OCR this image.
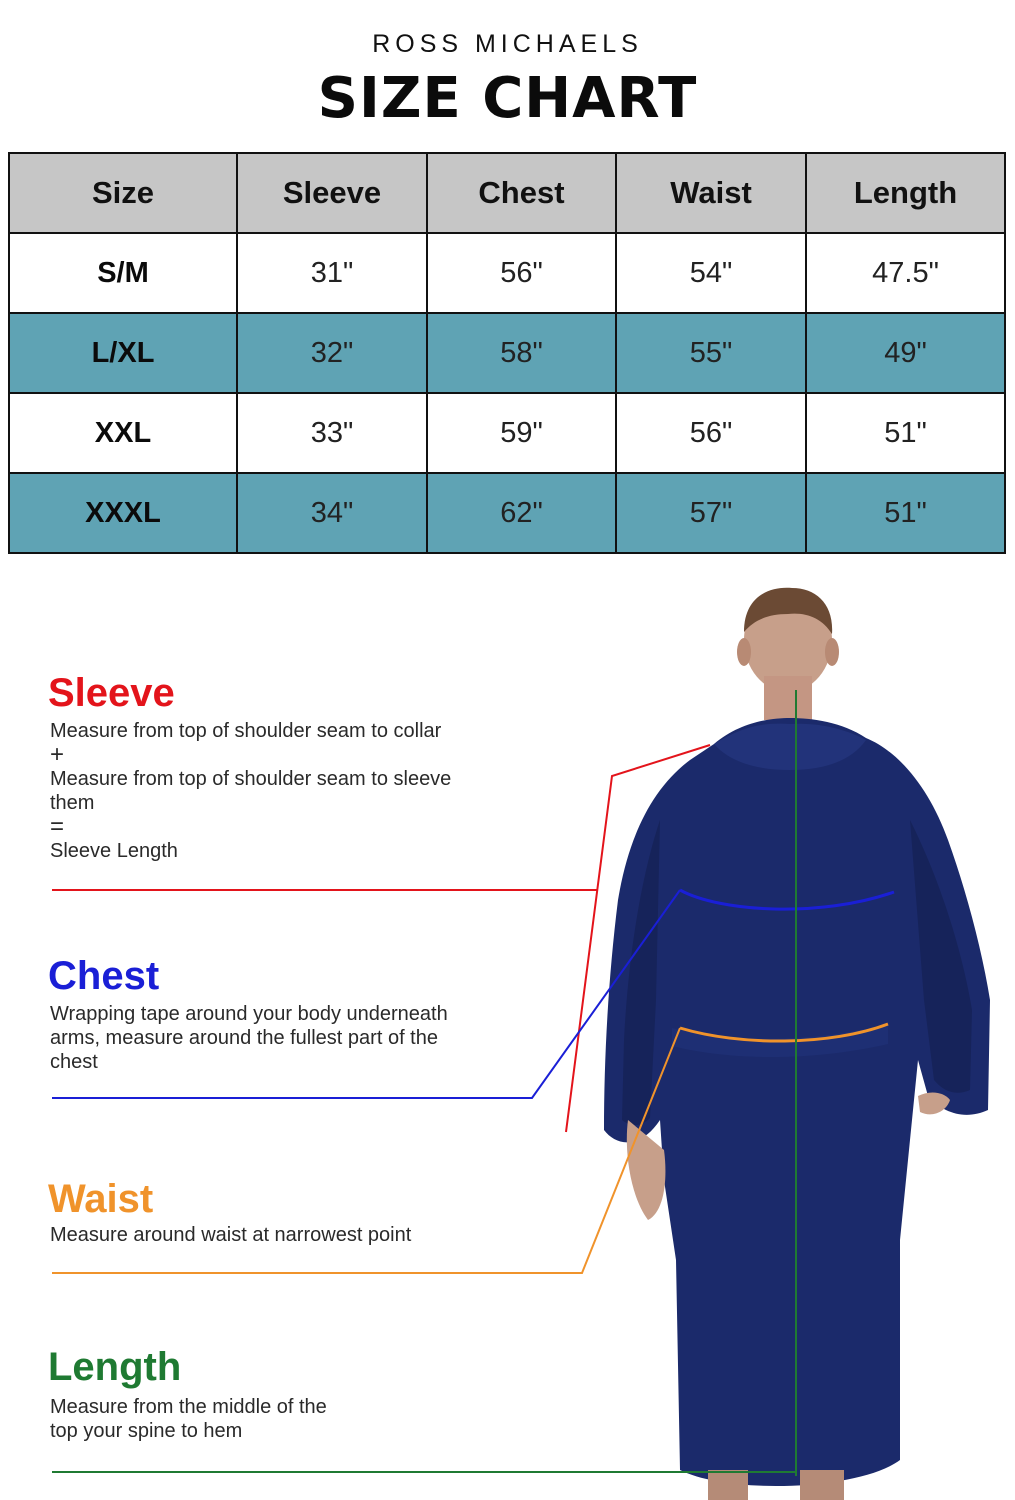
ROSS MICHAELS
SIZE CHART
Size	Sleeve	Chest	Waist	Length
S/M	31"	56"	54"	47.5"
L/XL	32"	58"	55"	49"
XXL	33"	59"	56"	51"
XXXL	34"	62"	57"	51"
Sleeve
Measure from top of shoulder seam to collar
+
Measure from top of shoulder seam to sleeve
them
=
Sleeve Length
Chest
Wrapping tape around your body underneath
arms, measure around the fullest part of the
chest
Waist
Measure around waist at narrowest point
Length
Measure from the middle of the
top your spine to hem
